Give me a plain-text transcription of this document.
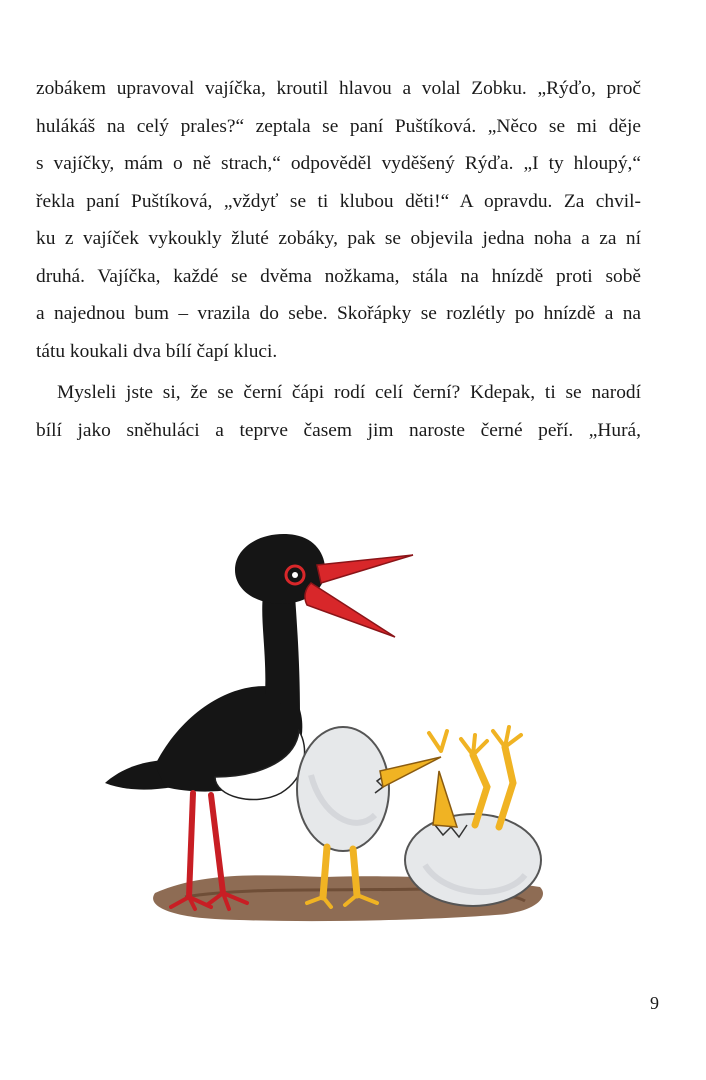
zobákem upravoval vajíčka, kroutil hlavou a volal Zobku. „Rýďo, proč
hulákáš na celý prales?“ zeptala se paní Puštíková. „Něco se mi děje
s vajíčky, mám o ně strach,“ odpověděl vyděšený Rýďa. „I ty hloupý,“
řekla paní Puštíková, „vždyť se ti klubou děti!“ A opravdu. Za chvil-
ku z vajíček vykoukly žluté zobáky, pak se objevila jedna noha a za ní
druhá. Vajíčka, každé se dvěma nožkama, stála na hnízdě proti sobě
a najednou bum – vrazila do sebe. Skořápky se rozlétly po hnízdě a na
tátu koukali dva bílí čapí kluci.
Mysleli jste si, že se černí čápi rodí celí černí? Kdepak, ti se narodí
bílí jako sněhuláci a teprve časem jim naroste černé peří. „Hurá,
9
